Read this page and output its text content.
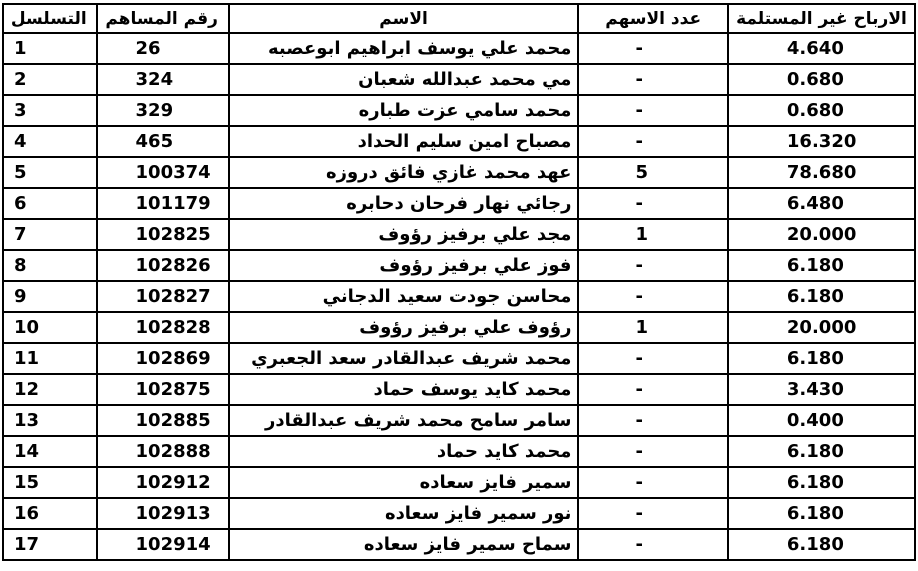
التسلسل	رقم المساهم	الاسم	عدد الاسهم	الارباح غير المستلمة
1	26	محمد علي يوسف ابراهيم ابوعصبه	-	4.640
2	324	مي محمد عبدالله شعبان	-	0.680
3	329	محمد سامي عزت طباره	-	0.680
4	465	مصباح امين سليم الحداد	-	16.320
5	100374	عهد محمد غازي فائق دروزه	5	78.680
6	101179	رجائي نهار فرحان دحابره	-	6.480
7	102825	مجد علي برفيز رؤوف	1	20.000
8	102826	فوز علي برفيز رؤوف	-	6.180
9	102827	محاسن جودت سعيد الدجاني	-	6.180
10	102828	رؤوف علي برفيز رؤوف	1	20.000
11	102869	محمد شريف عبدالقادر سعد الجعبري	-	6.180
12	102875	محمد كايد يوسف حماد	-	3.430
13	102885	سامر سامح محمد شريف عبدالقادر	-	0.400
14	102888	محمد كايد حماد	-	6.180
15	102912	سمير فايز سعاده	-	6.180
16	102913	نور سمير فايز سعاده	-	6.180
17	102914	سماح سمير فايز سعاده	-	6.180
